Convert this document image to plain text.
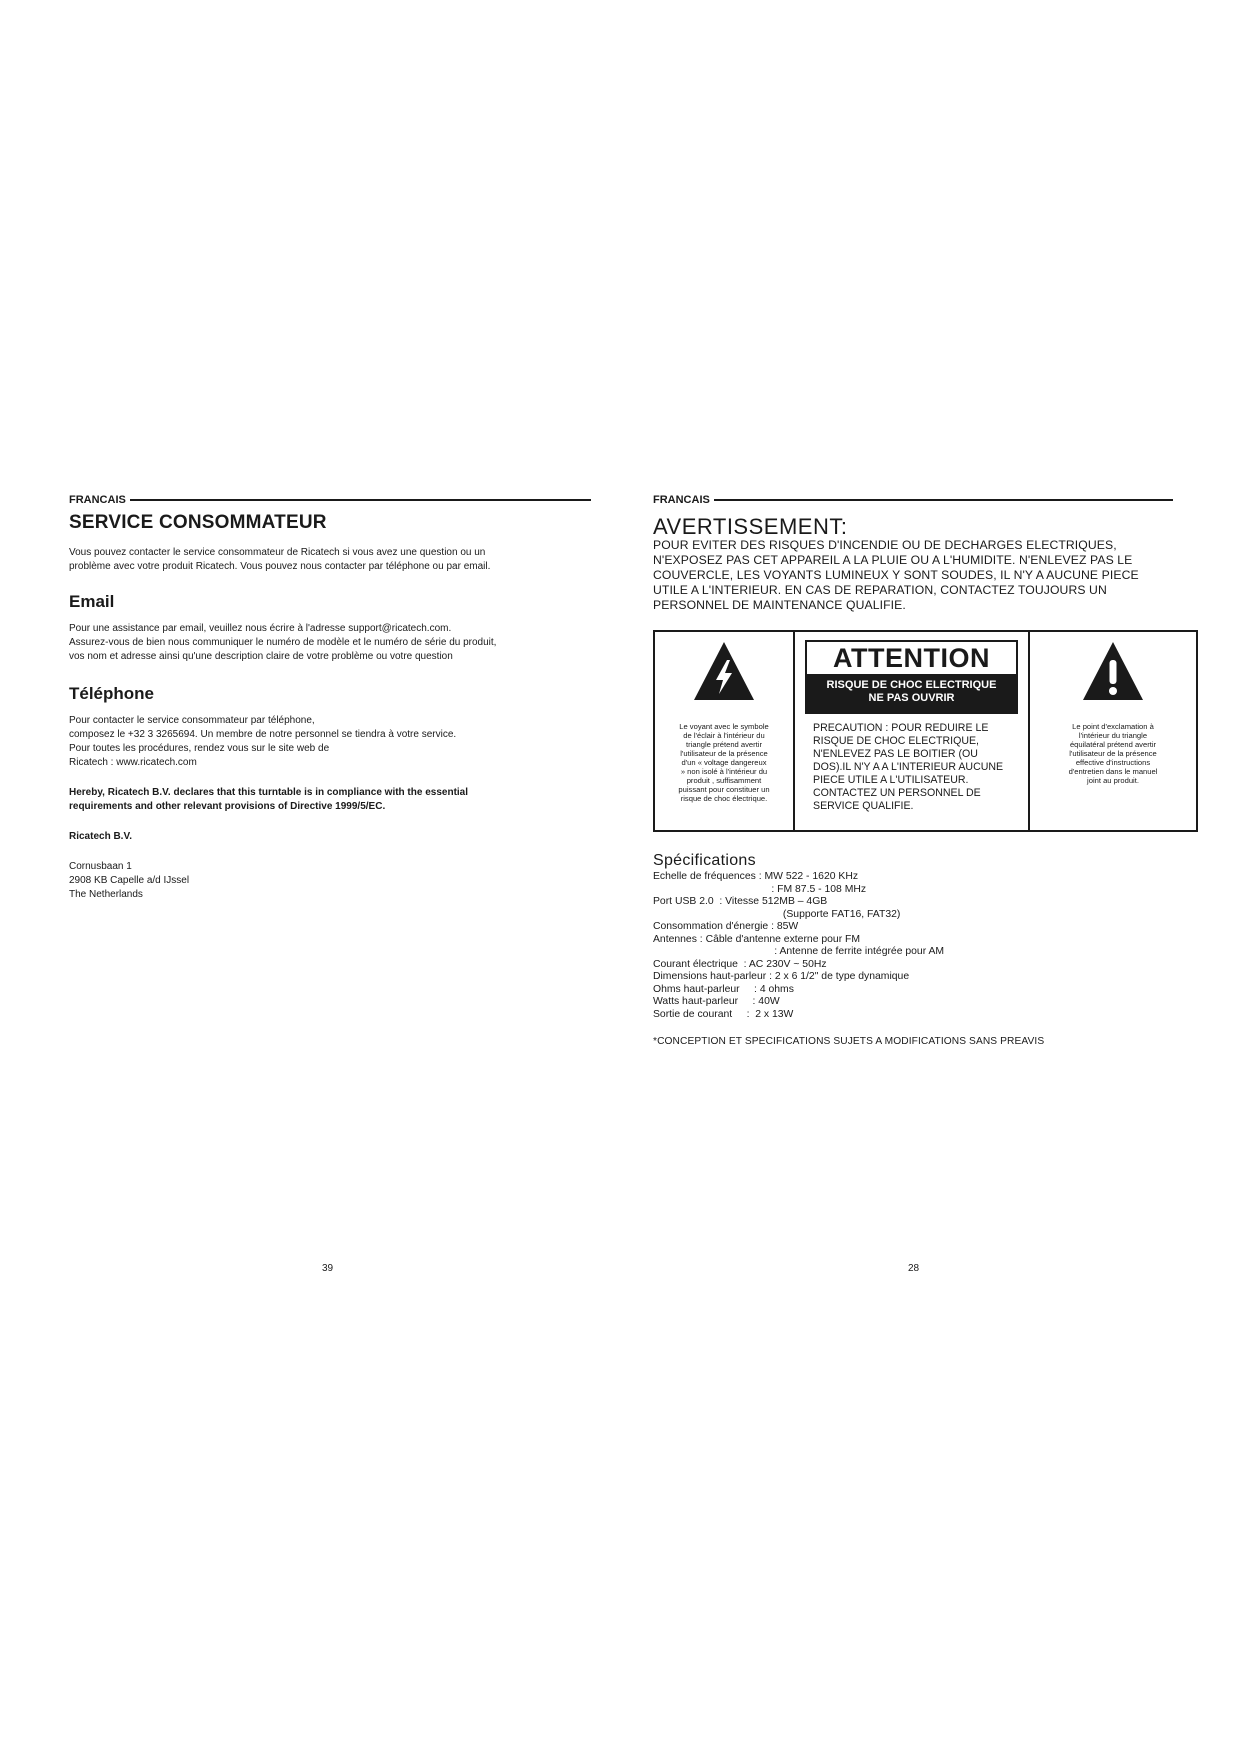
FRANCAIS
SERVICE CONSOMMATEUR

Vous pouvez contacter le service consommateur de Ricatech si vous avez une question ou un

problème avec votre produit Ricatech. Vous pouvez nous contacter par téléphone ou par email.

Email

Pour une assistance par email, veuillez nous écrire à l'adresse support@ricatech.com.

Assurez-vous de bien nous communiquer le numéro de modèle et le numéro de série du produit,

vos nom et adresse ainsi qu'une description claire de votre problème ou votre question

Téléphone

Pour contacter le service consommateur par téléphone,

composez le +32 3 3265694. Un membre de notre personnel se tiendra à votre service.

Pour toutes les procédures, rendez vous sur le site web de

Ricatech : www.ricatech.com

Hereby, Ricatech B.V. declares that this turntable is in compliance with the essential

requirements and other relevant provisions of Directive 1999/5/EC.

Ricatech B.V.

Cornusbaan 1

2908 KB Capelle a/d IJssel

The Netherlands

39
FRANCAIS

AVERTISSEMENT:

POUR EVITER DES RISQUES D'INCENDIE OU DE DECHARGES ELECTRIQUES,

N'EXPOSEZ PAS CET APPAREIL A LA PLUIE OU A L'HUMIDITE. N'ENLEVEZ PAS LE

COUVERCLE, LES VOYANTS LUMINEUX Y SONT SOUDES, IL N'Y A AUCUNE PIECE

UTILE A L'INTERIEUR. EN CAS DE REPARATION, CONTACTEZ TOUJOURS UN

PERSONNEL DE MAINTENANCE QUALIFIE.

Le voyant avec le symbole
de l'éclair à l'intérieur du
triangle prétend avertir
l'utilisateur de la présence
d'un « voltage dangereux
» non isolé à l'intérieur du
produit , suffisamment
puissant pour constituer un
risque de choc électrique.
ATTENTION
RISQUE DE CHOC ELECTRIQUE
NE PAS OUVRIR
PRECAUTION : POUR REDUIRE LE
RISQUE DE CHOC ELECTRIQUE,
N'ENLEVEZ PAS LE BOITIER (OU
DOS).IL N'Y A A L'INTERIEUR AUCUNE
PIECE UTILE A L'UTILISATEUR.
CONTACTEZ UN PERSONNEL DE
SERVICE QUALIFIE.
Le point d'exclamation à
l'intérieur du triangle
équilatéral prétend avertir
l'utilisateur de la présence
effective d'instructions
d'entretien dans le manuel
joint au produit.

Spécifications

Echelle de fréquences : MW 522 - 1620 KHz

: FM 87.5 - 108 MHz

Port USB 2.0  : Vitesse 512MB – 4GB

(Supporte FAT16, FAT32)

Consommation d'énergie : 85W

Antennes : Câble d'antenne externe pour FM

: Antenne de ferrite intégrée pour AM

Courant électrique  : AC 230V ~ 50Hz

Dimensions haut-parleur : 2 x 6 1/2" de type dynamique

Ohms haut-parleur     : 4 ohms

Watts haut-parleur     : 40W

Sortie de courant     :  2 x 13W

*CONCEPTION ET SPECIFICATIONS SUJETS A MODIFICATIONS SANS PREAVIS
28
